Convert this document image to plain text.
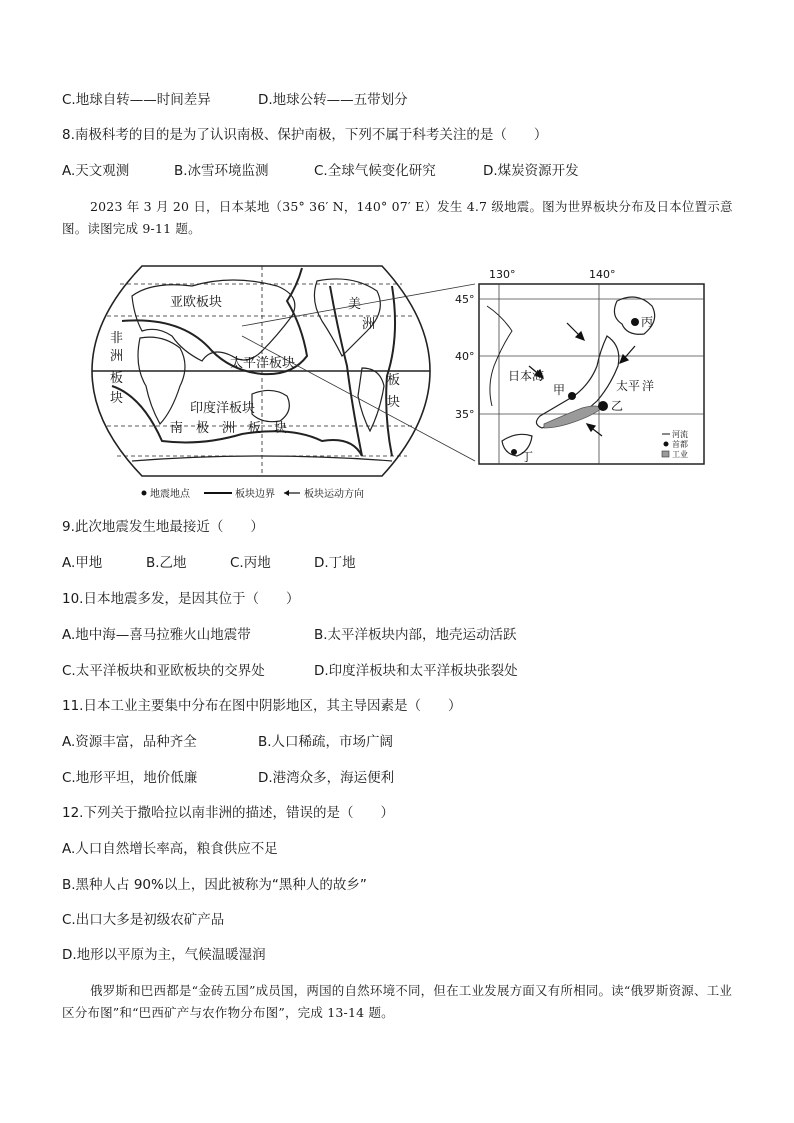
C.地球自转——时间差异	D.地球公转——五带划分
8.南极科考的目的是为了认识南极、保护南极，下列不属于科考关注的是（　　）
A.天文观测	B.冰雪环境监测	C.全球气候变化研究	D.煤炭资源开发
2023 年 3 月 20 日，日本某地（35° 36′ N，140° 07′ E）发生 4.7 级地震。图为世界板块分布及日本位置示意图。读图完成 9-11 题。
亚欧板块	美
洲
非
洲
板
块
太平洋板块
印度洋板块
板
块
南　极　洲　板　块
地震地点	板块边界	板块运动方向
130°	140°
45°
40°
35°
日本海
太平 洋
甲
乙
丙
丁
河流
首都
工业
9.此次地震发生地最接近（　　）
A.甲地	B.乙地	C.丙地	D.丁地
10.日本地震多发，是因其位于（　　）
A.地中海—喜马拉雅火山地震带	B.太平洋板块内部，地壳运动活跃
C.太平洋板块和亚欧板块的交界处	D.印度洋板块和太平洋板块张裂处
11.日本工业主要集中分布在图中阴影地区，其主导因素是（　　）
A.资源丰富，品种齐全	B.人口稀疏，市场广阔
C.地形平坦，地价低廉	D.港湾众多，海运便利
12.下列关于撒哈拉以南非洲的描述，错误的是（　　）
A.人口自然增长率高，粮食供应不足
B.黑种人占 90%以上，因此被称为“黑种人的故乡”
C.出口大多是初级农矿产品
D.地形以平原为主，气候温暖湿润
俄罗斯和巴西都是“金砖五国”成员国，两国的自然环境不同，但在工业发展方面又有所相同。读“俄罗斯资源、工业区分布图”和“巴西矿产与农作物分布图”，完成 13-14 题。
